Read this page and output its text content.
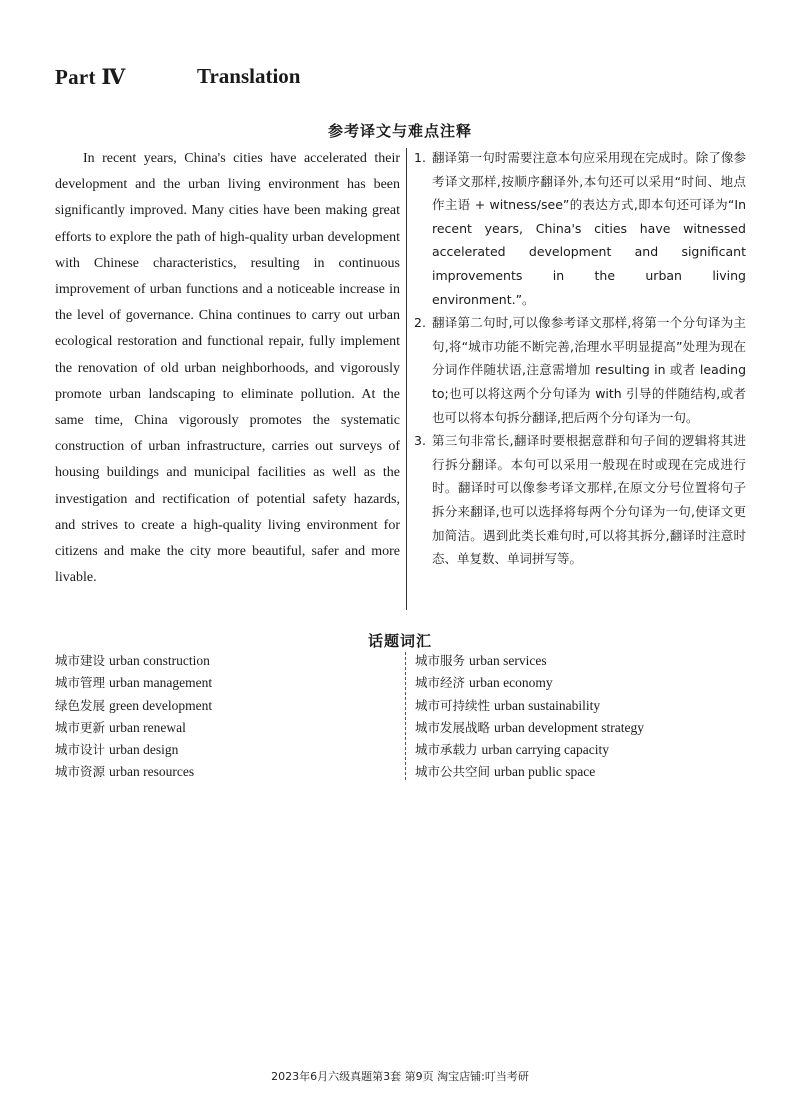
Part Ⅳ	Translation
参考译文与难点注释

In recent years, China's cities have accelerated their development and the urban living environment has been significantly improved. Many cities have been making great efforts to explore the path of high-quality urban development with Chinese characteristics, resulting in continuous improvement of urban functions and a noticeable increase in the level of governance. China continues to carry out urban ecological restoration and functional repair, fully implement the renovation of old urban neighborhoods, and vigorously promote urban landscaping to eliminate pollution. At the same time, China vigorously promotes the systematic construction of urban infrastructure, carries out surveys of housing buildings and municipal facilities as well as the investigation and rectification of potential safety hazards, and strives to create a high-quality living environment for citizens and make the city more beautiful, safer and more livable.

1. 翻译第一句时需要注意本句应采用现在完成时。除了像参考译文那样,按顺序翻译外,本句还可以采用“时间、地点作主语 + witness/see”的表达方式,即本句还可译为“In recent years, China's cities have witnessed accelerated development and significant improvements in the urban living environment.”。
2. 翻译第二句时,可以像参考译文那样,将第一个分句译为主句,将“城市功能不断完善,治理水平明显提高”处理为现在分词作伴随状语,注意需增加 resulting in 或者 leading to;也可以将这两个分句译为 with 引导的伴随结构,或者也可以将本句拆分翻译,把后两个分句译为一句。
3. 第三句非常长,翻译时要根据意群和句子间的逻辑将其进行拆分翻译。本句可以采用一般现在时或现在完成进行时。翻译时可以像参考译文那样,在原文分号位置将句子拆分来翻译,也可以选择将每两个分句译为一句,使译文更加简洁。遇到此类长难句时,可以将其拆分,翻译时注意时态、单复数、单词拼写等。
话题词汇
城市建设 urban construction
城市管理 urban management
绿色发展 green development
城市更新 urban renewal
城市设计 urban design
城市资源 urban resources
城市服务 urban services
城市经济 urban economy
城市可持续性 urban sustainability
城市发展战略 urban development strategy
城市承载力 urban carrying capacity
城市公共空间 urban public space
2023年6月六级真题第3套 第9页 淘宝店铺:叮当考研
